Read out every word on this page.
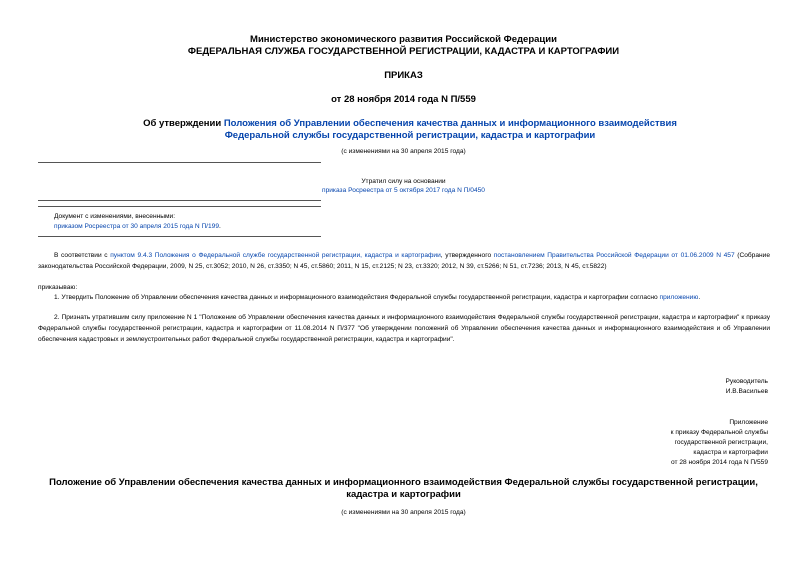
Министерство экономического развития Российской Федерации
ФЕДЕРАЛЬНАЯ СЛУЖБА ГОСУДАРСТВЕННОЙ РЕГИСТРАЦИИ, КАДАСТРА И КАРТОГРАФИИ
ПРИКАЗ
от 28 ноября 2014 года N П/559
Об утверждении Положения об Управлении обеспечения качества данных и информационного взаимодействия Федеральной службы государственной регистрации, кадастра и картографии
(с изменениями на 30 апреля 2015 года)
Утратил силу на основании
приказа Росреестра от 5 октября 2017 года N П/0450
Документ с изменениями, внесенными:
приказом Росреестра от 30 апреля 2015 года N П/199.
В соответствии с пунктом 9.4.3 Положения о Федеральной службе государственной регистрации, кадастра и картографии, утвержденного постановлением Правительства Российской Федерации от 01.06.2009 N 457 (Собрание законодательства Российской Федерации, 2009, N 25, ст.3052; 2010, N 26, ст.3350; N 45, ст.5860; 2011, N 15, ст.2125; N 23, ст.3320; 2012, N 39, ст.5266; N 51, ст.7236; 2013, N 45, ст.5822)
приказываю:
1. Утвердить Положение об Управлении обеспечения качества данных и информационного взаимодействия Федеральной службы государственной регистрации, кадастра и картографии согласно приложению.
2. Признать утратившим силу приложение N 1 "Положение об Управлении обеспечения качества данных и информационного взаимодействия Федеральной службы государственной регистрации, кадастра и картографии" к приказу Федеральной службы государственной регистрации, кадастра и картографии от 11.08.2014 N П/377 "Об утверждении положений об Управлении обеспечения качества данных и информационного взаимодействия и об Управлении обеспечения кадастровых и землеустроительных работ Федеральной службы государственной регистрации, кадастра и картографии".
Руководитель
И.В.Васильев
Приложение
к приказу Федеральной службы
государственной регистрации,
кадастра и картографии
от 28 ноября 2014 года N П/559
Положение об Управлении обеспечения качества данных и информационного взаимодействия Федеральной службы государственной регистрации, кадастра и картографии
(с изменениями на 30 апреля 2015 года)
